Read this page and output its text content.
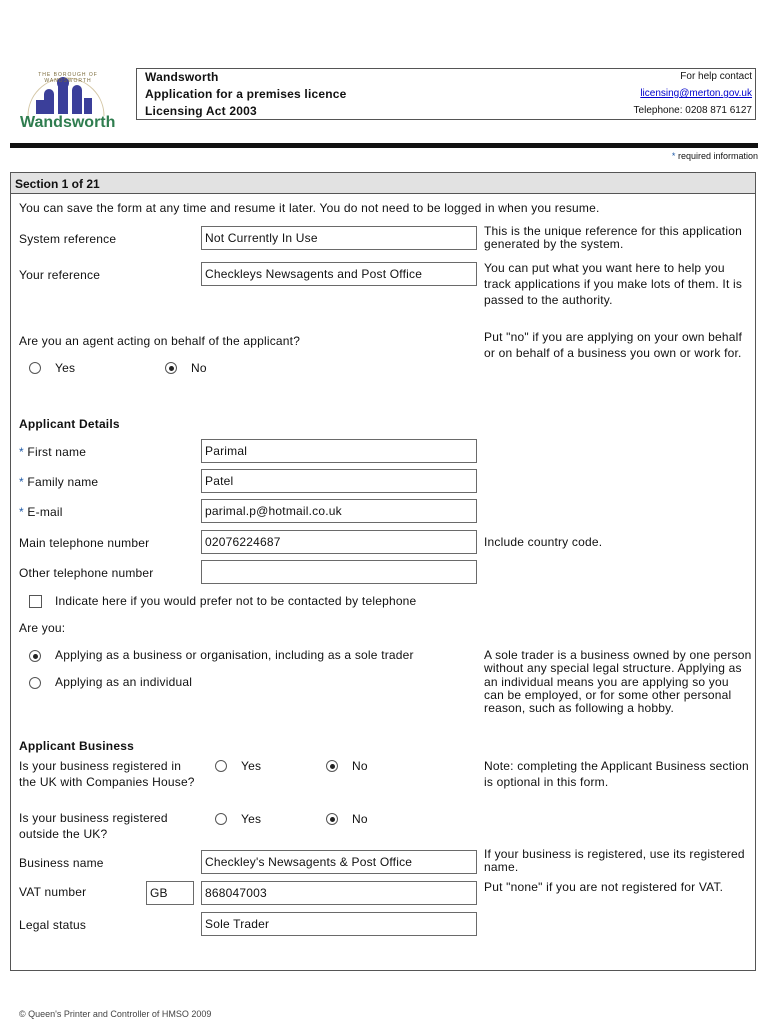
THE BOROUGH OF WANDSWORTH
Wandsworth
Wandsworth
Application for a premises licence
Licensing Act 2003
For help contact
licensing@merton.gov.uk
Telephone: 0208 871 6127
* required information
Section 1 of 21
You can save the form at any time and resume it later. You do not need to be logged in when you resume.
System reference	Not Currently In Use	This is the unique reference for this application generated by the system.
Your reference	Checkleys Newsagents and Post Office	You can put what you want here to help you track applications if you make lots of them. It is passed to the authority.
Are you an agent acting on behalf of the applicant?	Put "no" if you are applying on your own behalf or on behalf of a business you own or work for.
Yes	No
Applicant Details
* First name	Parimal
* Family name	Patel
* E-mail	parimal.p@hotmail.co.uk
Main telephone number	02076224687	Include country code.
Other telephone number
Indicate here if you would prefer not to be contacted by telephone
Are you:
Applying as a business or organisation, including as a sole trader
Applying as an individual
A sole trader is a business owned by one person without any special legal structure. Applying as an individual means you are applying so you can be employed, or for some other personal reason, such as following a hobby.
Applicant Business
Is your business registered in the UK with Companies House?
Yes	No	Note: completing the Applicant Business section is optional in this form.
Is your business registered outside the UK?
Yes	No
Business name	Checkley's Newsagents & Post Office
If your business is registered, use its registered name.
VAT number	GB	868047003	Put "none" if you are not registered for VAT.
Legal status	Sole Trader
© Queen's Printer and Controller of HMSO 2009
